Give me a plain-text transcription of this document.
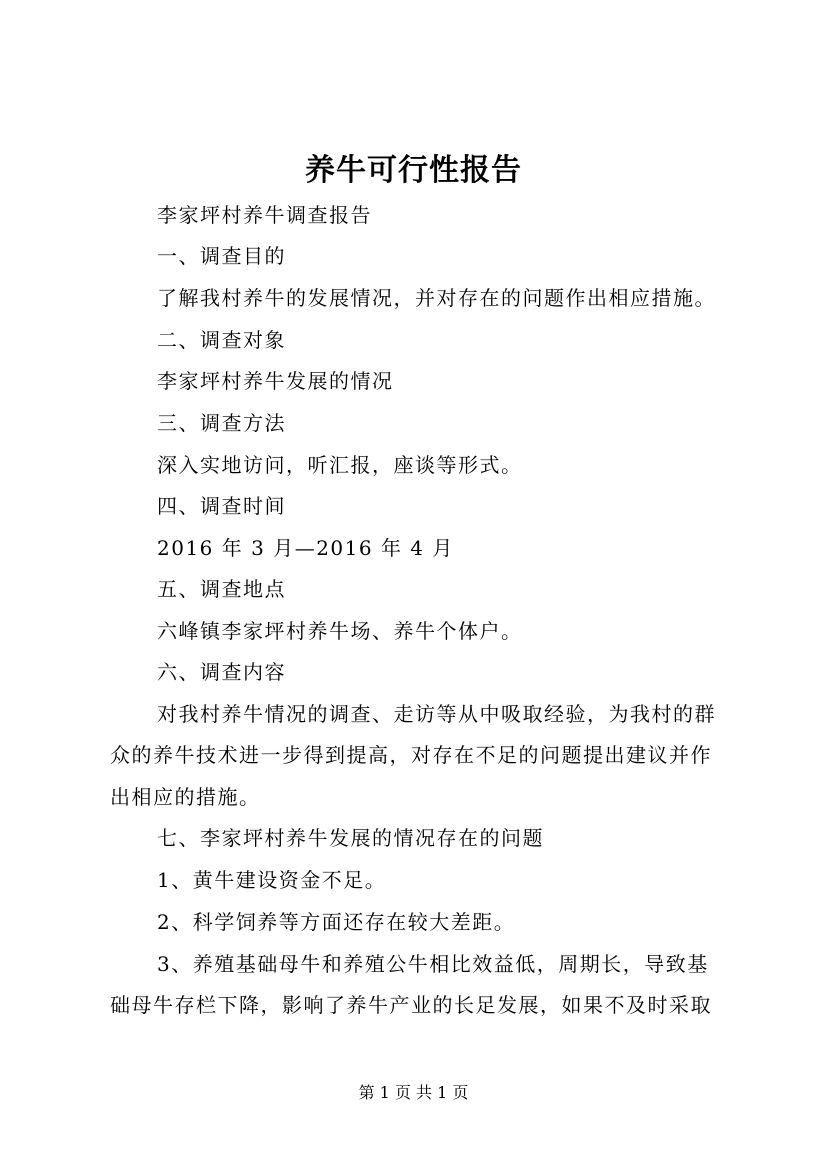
养牛可行性报告
李家坪村养牛调查报告
一、调查目的
了解我村养牛的发展情况，并对存在的问题作出相应措施。
二、调查对象
李家坪村养牛发展的情况
三、调查方法
深入实地访问，听汇报，座谈等形式。
四、调查时间
2016 年 3 月—2016 年 4 月
五、调查地点
六峰镇李家坪村养牛场、养牛个体户。
六、调查内容
对我村养牛情况的调查、走访等从中吸取经验，为我村的群
众的养牛技术进一步得到提高，对存在不足的问题提出建议并作
出相应的措施。
七、李家坪村养牛发展的情况存在的问题
1、黄牛建设资金不足。
2、科学饲养等方面还存在较大差距。
3、养殖基础母牛和养殖公牛相比效益低，周期长，导致基
础母牛存栏下降，影响了养牛产业的长足发展，如果不及时采取
第 1 页 共 1 页
